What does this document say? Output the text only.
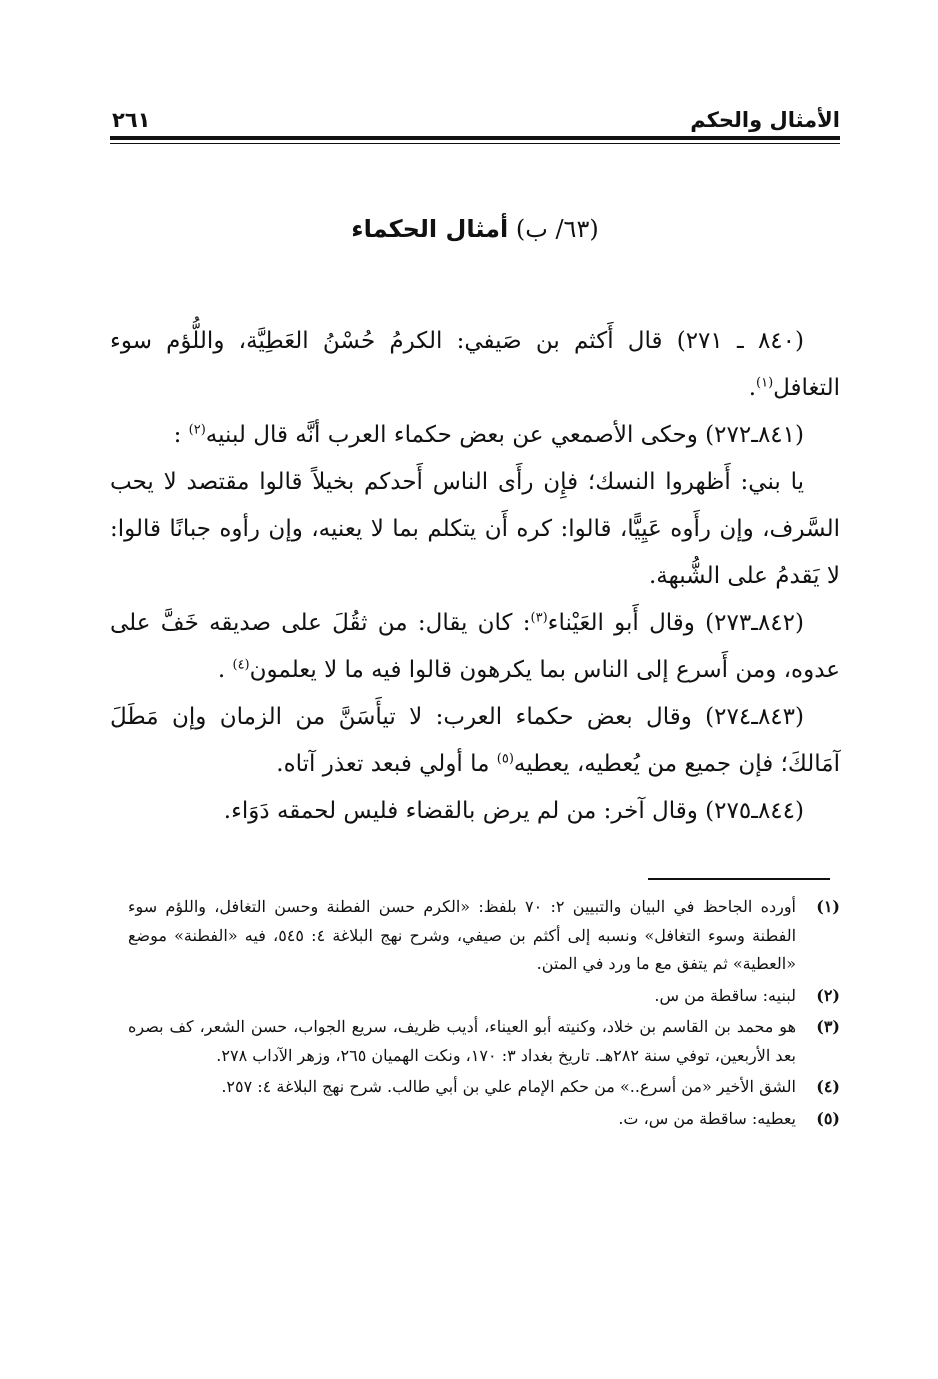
الأمثال والحكم
٢٦١
(٦٣/ ب) أمثال الحكماء

(٨٤٠ ـ ٢٧١) قال أَكثم بن صَيفي: الكرمُ حُسْنُ العَطِيَّة، واللُّؤم سوء التغافل$^{(١)}$.

(٨٤١ـ٢٧٢) وحكى الأصمعي عن بعض حكماء العرب أنَّه قال لبنيه$^{(٢)}$ :

يا بني: أَظهروا النسك؛ فإِن رأَى الناس أَحدكم بخيلاً قالوا مقتصد لا يحب السَّرف، وإن رأَوه عَيِيًّا، قالوا: كره أَن يتكلم بما لا يعنيه، وإن رأوه جبانًا قالوا: لا يَقدمُ على الشُّبهة.

(٨٤٢ـ٢٧٣) وقال أَبو العَيْناء$^{(٣)}$: كان يقال: من ثقُلَ على صديقه خَفَّ على عدوه، ومن أَسرع إلى الناس بما يكرهون قالوا فيه ما لا يعلمون$^{(٤)}$ .

(٨٤٣ـ٢٧٤) وقال بعض حكماء العرب: لا تيأَسَنَّ من الزمان وإن مَطَلَ آمَالكَ؛ فإن جميع من يُعطيه، يعطيه$^{(٥)}$ ما أولي فبعد تعذر آتاه.

(٨٤٤ـ٢٧٥) وقال آخر: من لم يرض بالقضاء فليس لحمقه دَوَاء.

(١)
أورده الجاحظ في البيان والتبيين ٢: ٧٠ بلفظ: «الكرم حسن الفطنة وحسن التغافل، واللؤم سوء الفطنة وسوء التغافل» ونسبه إلى أكثم بن صيفي، وشرح نهج البلاغة ٤: ٥٤٥، فيه «الفطنة» موضع «العطية» ثم يتفق مع ما ورد في المتن.
(٢)
لبنيه: ساقطة من س.
(٣)
هو محمد بن القاسم بن خلاد، وكنيته أبو العيناء، أديب ظريف، سريع الجواب، حسن الشعر، كف بصره بعد الأربعين، توفي سنة ٢٨٢هـ. تاريخ بغداد ٣: ١٧٠، ونكت الهميان ٢٦٥، وزهر الآداب ٢٧٨.
(٤)
الشق الأخير «من أسرع..» من حكم الإمام علي بن أبي طالب. شرح نهج البلاغة ٤: ٢٥٧.
(٥)
يعطيه: ساقطة من س، ت.
